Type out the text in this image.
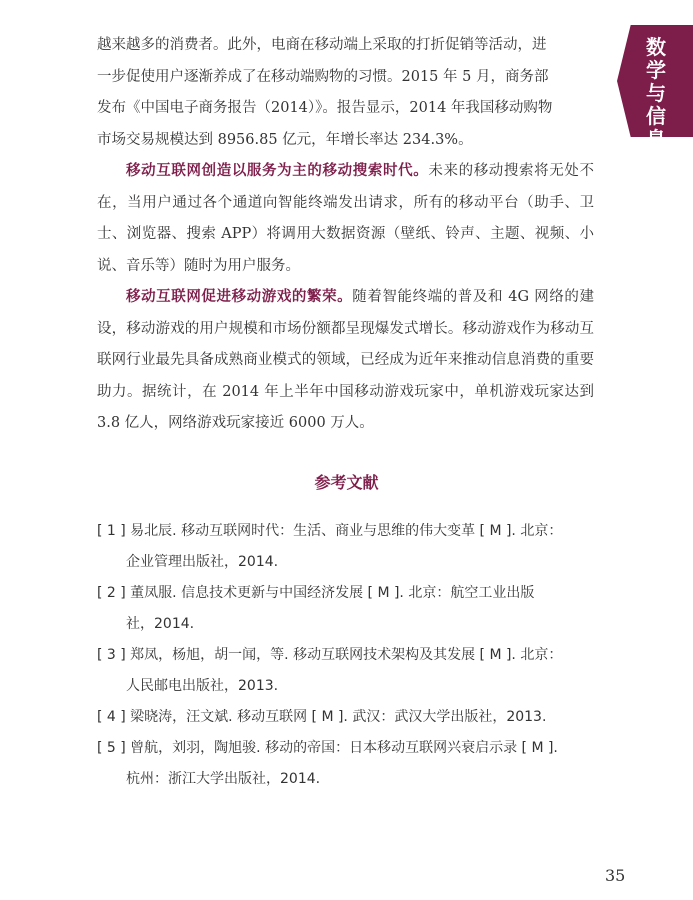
数学与信息

越来越多的消费者。此外，电商在移动端上采取的打折促销等活动，进
一步促使用户逐渐养成了在移动端购物的习惯。2015 年 5 月，商务部
发布《中国电子商务报告（2014）》。报告显示，2014 年我国移动购物
市场交易规模达到 8956.85 亿元，年增长率达 234.3%。

移动互联网创造以服务为主的移动搜索时代。未来的移动搜索将无处不在，当用户通过各个通道向智能终端发出请求，所有的移动平台（助手、卫士、浏览器、搜索 APP）将调用大数据资源（壁纸、铃声、主题、视频、小说、音乐等）随时为用户服务。

移动互联网促进移动游戏的繁荣。随着智能终端的普及和 4G 网络的建设，移动游戏的用户规模和市场份额都呈现爆发式增长。移动游戏作为移动互联网行业最先具备成熟商业模式的领域，已经成为近年来推动信息消费的重要助力。据统计，在 2014 年上半年中国移动游戏玩家中，单机游戏玩家达到 3.8 亿人，网络游戏玩家接近 6000 万人。

参考文献

[ 1 ] 易北辰. 移动互联网时代：生活、商业与思维的伟大变革 [ M ]. 北京：
企业管理出版社，2014.

[ 2 ] 董凤服. 信息技术更新与中国经济发展 [ M ]. 北京：航空工业出版
社，2014.

[ 3 ] 郑凤，杨旭，胡一闻，等. 移动互联网技术架构及其发展 [ M ]. 北京：
人民邮电出版社，2013.

[ 4 ] 梁晓涛，汪文斌. 移动互联网 [ M ]. 武汉：武汉大学出版社，2013.

[ 5 ] 曾航，刘羽，陶旭骏. 移动的帝国：日本移动互联网兴衰启示录 [ M ].
杭州：浙江大学出版社，2014.

35
